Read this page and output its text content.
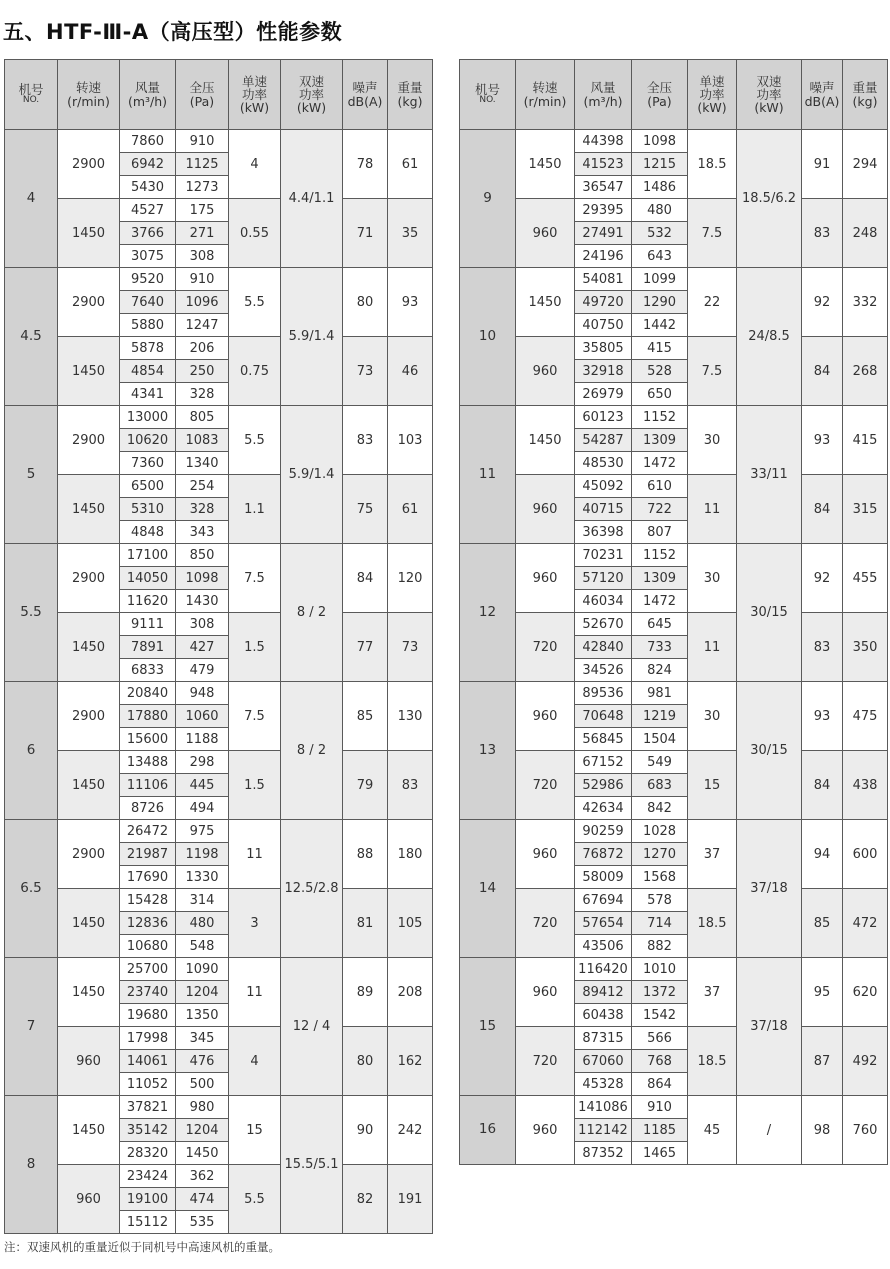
五、HTF-Ⅲ-A（高压型）性能参数
机号
NO.	转速
(r/min)	风量
(m³/h)	全压
(Pa)	单速
功率
(kW)	双速
功率
(kW)	噪声
dB(A)	重量
(kg)

4	2900	7860	910	4	4.4/1.1	78	61
		6942	1125				
		5430	1273				
	1450	4527	175	0.55		71	35
		3766	271				
		3075	308				
4.5	2900	9520	910	5.5	5.9/1.4	80	93
		7640	1096				
		5880	1247				
	1450	5878	206	0.75		73	46
		4854	250				
		4341	328				
5	2900	13000	805	5.5	5.9/1.4	83	103
		10620	1083				
		7360	1340				
	1450	6500	254	1.1		75	61
		5310	328				
		4848	343				
5.5	2900	17100	850	7.5	8 / 2	84	120
		14050	1098				
		11620	1430				
	1450	9111	308	1.5		77	73
		7891	427				
		6833	479				
6	2900	20840	948	7.5	8 / 2	85	130
		17880	1060				
		15600	1188				
	1450	13488	298	1.5		79	83
		11106	445				
		8726	494				
6.5	2900	26472	975	11	12.5/2.8	88	180
		21987	1198				
		17690	1330				
	1450	15428	314	3		81	105
		12836	480				
		10680	548				
7	1450	25700	1090	11	12 / 4	89	208
		23740	1204				
		19680	1350				
	960	17998	345	4		80	162
		14061	476				
		11052	500				
8	1450	37821	980	15	15.5/5.1	90	242
		35142	1204				
		28320	1450				
	960	23424	362	5.5		82	191
		19100	474				
		15112	535				
机号
NO.	转速
(r/min)	风量
(m³/h)	全压
(Pa)	单速
功率
(kW)	双速
功率
(kW)	噪声
dB(A)	重量
(kg)

9	1450	44398	1098	18.5	18.5/6.2	91	294
		41523	1215				
		36547	1486				
	960	29395	480	7.5		83	248
		27491	532				
		24196	643				
10	1450	54081	1099	22	24/8.5	92	332
		49720	1290				
		40750	1442				
	960	35805	415	7.5		84	268
		32918	528				
		26979	650				
11	1450	60123	1152	30	33/11	93	415
		54287	1309				
		48530	1472				
	960	45092	610	11		84	315
		40715	722				
		36398	807				
12	960	70231	1152	30	30/15	92	455
		57120	1309				
		46034	1472				
	720	52670	645	11		83	350
		42840	733				
		34526	824				
13	960	89536	981	30	30/15	93	475
		70648	1219				
		56845	1504				
	720	67152	549	15		84	438
		52986	683				
		42634	842				
14	960	90259	1028	37	37/18	94	600
		76872	1270				
		58009	1568				
	720	67694	578	18.5		85	472
		57654	714				
		43506	882				
15	960	116420	1010	37	37/18	95	620
		89412	1372				
		60438	1542				
	720	87315	566	18.5		87	492
		67060	768				
		45328	864				
16	960	141086	910	45	/	98	760
		112142	1185				
		87352	1465				

注：双速风机的重量近似于同机号中高速风机的重量。
